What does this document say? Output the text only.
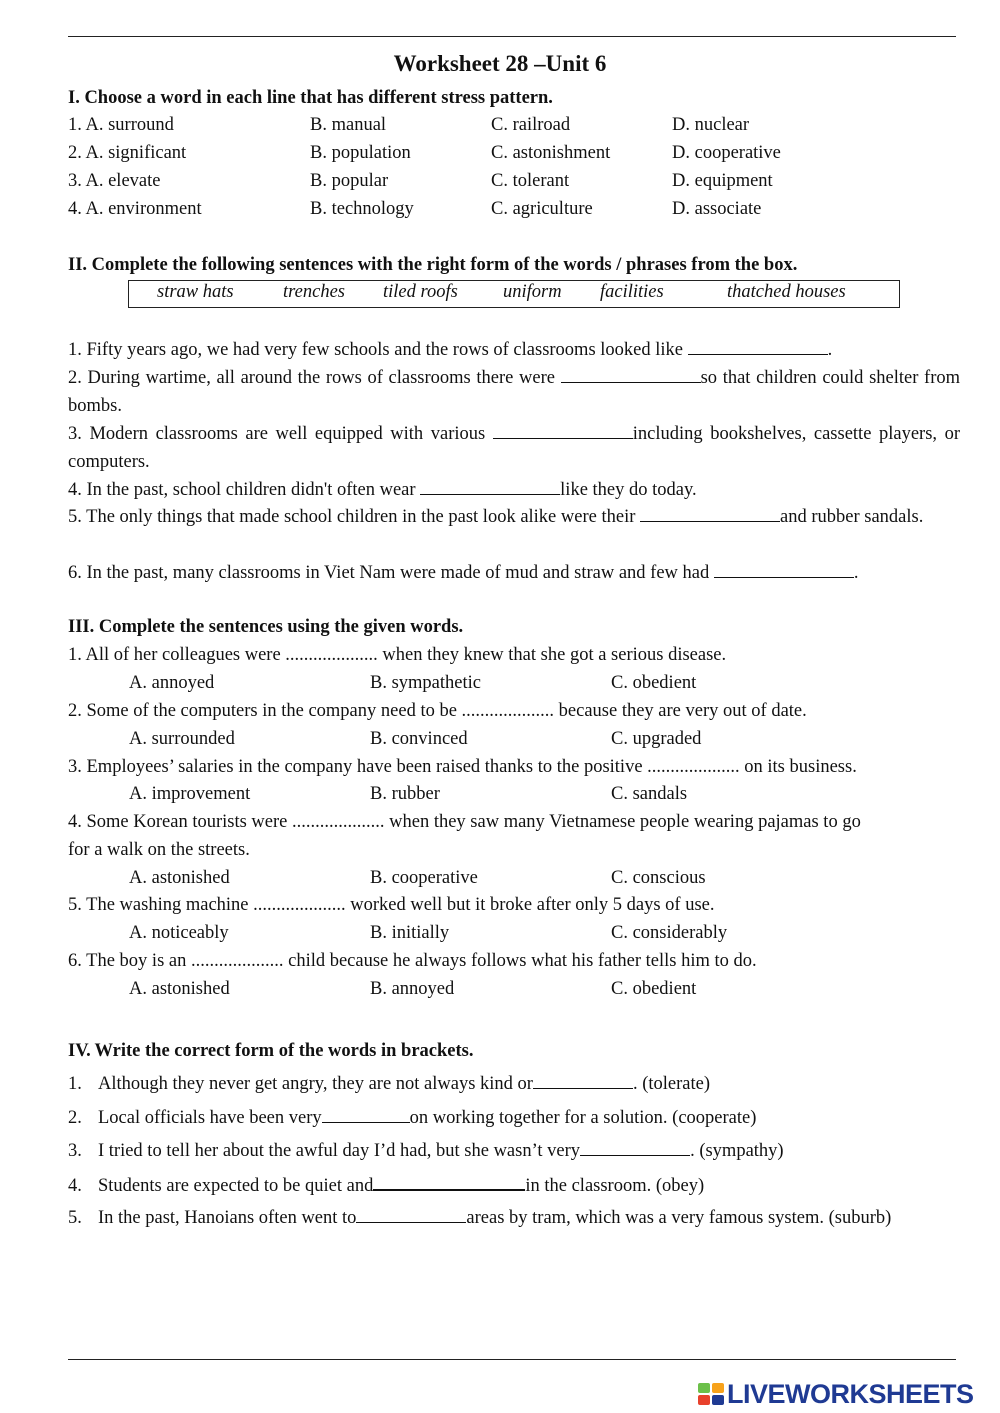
Worksheet 28 –Unit 6
I. Choose a word in each line that has different stress pattern.
1. A. surround	B. manual	C. railroad	D. nuclear
2. A. significant	B. population	C. astonishment	D. cooperative
3. A. elevate	B. popular	C. tolerant	D. equipment
4. A. environment	B. technology	C. agriculture	D. associate
II. Complete the following sentences with the right form of the words / phrases from the box.
straw hats	trenches tiled roofs uniform facilities	thatched houses
1. Fifty years ago, we had very few schools and the rows of classrooms looked like	.
2. During wartime, all around the rows of classrooms there were	so that children could shelter from bombs.
3. Modern classrooms are well equipped with various	including bookshelves, cassette players, or computers.
4. In the past, school children didn't often wear	like they do today.
5. The only things that made school children in the past look alike were their	and rubber sandals.
6. In the past, many classrooms in Viet Nam were made of mud and straw and few had	.
III. Complete the sentences using the given words.
1. All of her colleagues were .................... when they knew that she got a serious disease.
A. annoyed	B. sympathetic	C. obedient
2. Some of the computers in the company need to be .................... because they are very out of date.
A. surrounded	B. convinced	C. upgraded
3. Employees’ salaries in the company have been raised thanks to the positive .................... on its business.
A. improvement	B. rubber	C. sandals
4. Some Korean tourists were .................... when they saw many Vietnamese people wearing pajamas to go
for a walk on the streets.
A. astonished	B. cooperative	C. conscious
5. The washing machine .................... worked well but it broke after only 5 days of use.
A. noticeably	B. initially	C. considerably
6. The boy is an .................... child because he always follows what his father tells him to do.
A. astonished	B. annoyed	C. obedient
IV. Write the correct form of the words in brackets.
1. Although they never get angry, they are not always kind or	. (tolerate)
2. Local officials have been very	on working together for a solution. (cooperate)
3. I tried to tell her about the awful day I’d had, but she wasn’t very	. (sympathy)
4. Students are expected to be quiet and	in the classroom. (obey)
5. In the past, Hanoians often went to	areas by tram, which was a very famous system. (suburb)
LIVEWORKSHEETS
